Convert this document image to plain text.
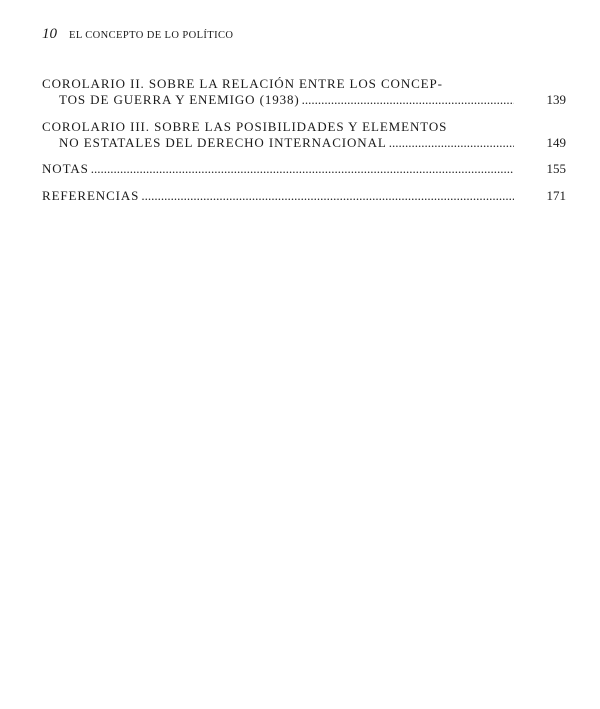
10 EL CONCEPTO DE LO POLÍTICO
COROLARIO II. SOBRE LA RELACIÓN ENTRE LOS CONCEP-
TOS DE GUERRA Y ENEMIGO (1938) .....	139
COROLARIO III. SOBRE LAS POSIBILIDADES Y ELEMENTOS
NO ESTATALES DEL DERECHO INTERNACIONAL .....	149
NOTAS .....	155
REFERENCIAS .....	171
